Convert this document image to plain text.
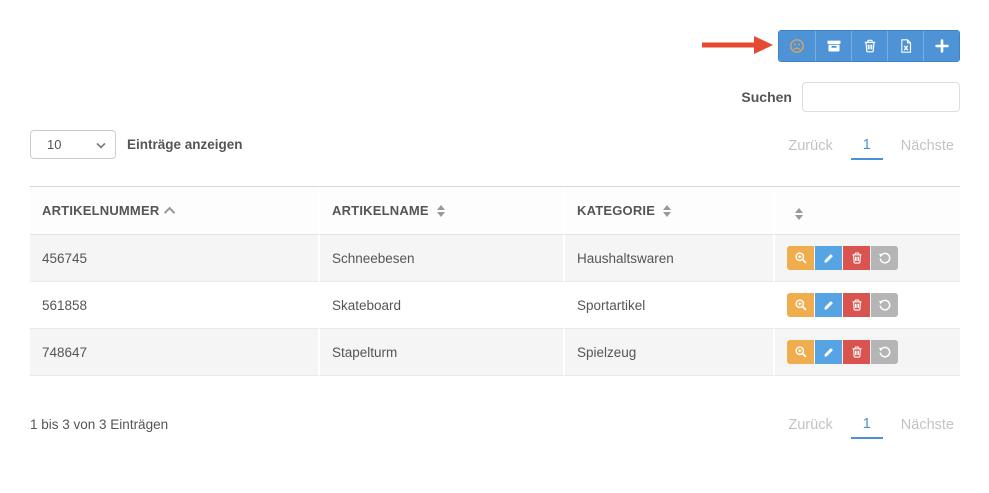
Suchen
10	Einträge anzeigen	Zurück	1	Nächste
ARTIKELNUMMER	ARTIKELNAME	KATEGORIE	

456745	Schneebesen	Haushaltswaren	

561858	Skateboard	Sportartikel	

748647	Stapelturm	Spielzeug	
1 bis 3 von 3 Einträgen	Zurück	1	Nächste
